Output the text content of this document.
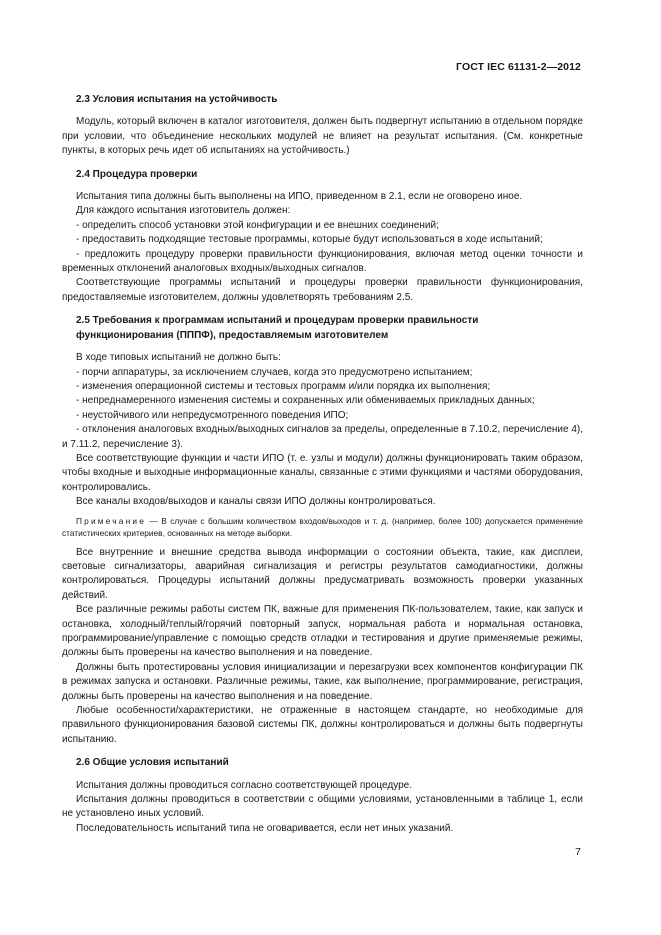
ГОСТ IEC 61131-2—2012
2.3 Условия испытания на устойчивость

Модуль, который включен в каталог изготовителя, должен быть подвергнут испытанию в отдельном порядке при условии, что объединение нескольких модулей не влияет на результат испытания. (См. конкретные пункты, в которых речь идет об испытаниях на устойчивость.)

2.4 Процедура проверки

Испытания типа должны быть выполнены на ИПО, приведенном в 2.1, если не оговорено иное.

Для каждого испытания изготовитель должен:

- определить способ установки этой конфигурации и ее внешних соединений;

- предоставить подходящие тестовые программы, которые будут использоваться в ходе испытаний;

- предложить процедуру проверки правильности функционирования, включая метод оценки точности и временных отклонений аналоговых входных/выходных сигналов.

Соответствующие программы испытаний и процедуры проверки правильности функционирования, предоставляемые изготовителем, должны удовлетворять требованиям 2.5.

2.5 Требования к программам испытаний и процедурам проверки правильности
функционирования (ПППФ), предоставляемым изготовителем

В ходе типовых испытаний не должно быть:

- порчи аппаратуры, за исключением случаев, когда это предусмотрено испытанием;

- изменения операционной системы и тестовых программ и/или порядка их выполнения;

- непреднамеренного изменения системы и сохраненных или обмениваемых прикладных данных;

- неустойчивого или непредусмотренного поведения ИПО;

- отклонения аналоговых входных/выходных сигналов за пределы, определенные в 7.10.2, перечисление 4), и 7.11.2, перечисление 3).

Все соответствующие функции и части ИПО (т. е. узлы и модули) должны функционировать таким образом, чтобы входные и выходные информационные каналы, связанные с этими функциями и частями оборудования, контролировались.

Все каналы входов/выходов и каналы связи ИПО должны контролироваться.

Примечание — В случае с большим количеством входов/выходов и т. д. (например, более 100) допускается применение статистических критериев, основанных на методе выборки.

Все внутренние и внешние средства вывода информации о состоянии объекта, такие, как дисплеи, световые сигнализаторы, аварийная сигнализация и регистры результатов самодиагностики, должны контролироваться. Процедуры испытаний должны предусматривать возможность проверки указанных действий.

Все различные режимы работы систем ПК, важные для применения ПК-пользователем, такие, как запуск и остановка, холодный/теплый/горячий повторный запуск, нормальная работа и нормальная остановка, программирование/управление с помощью средств отладки и тестирования и другие применяемые режимы, должны быть проверены на качество выполнения и на поведение.

Должны быть протестированы условия инициализации и перезагрузки всех компонентов конфигурации ПК в режимах запуска и остановки. Различные режимы, такие, как выполнение, программирование, регистрация, должны быть проверены на качество выполнения и на поведение.

Любые особенности/характеристики, не отраженные в настоящем стандарте, но необходимые для правильного функционирования базовой системы ПК, должны контролироваться и должны быть подвергнуты испытанию.

2.6 Общие условия испытаний

Испытания должны проводиться согласно соответствующей процедуре.

Испытания должны проводиться в соответствии с общими условиями, установленными в таблице 1, если не установлено иных условий.

Последовательность испытаний типа не оговаривается, если нет иных указаний.

7
